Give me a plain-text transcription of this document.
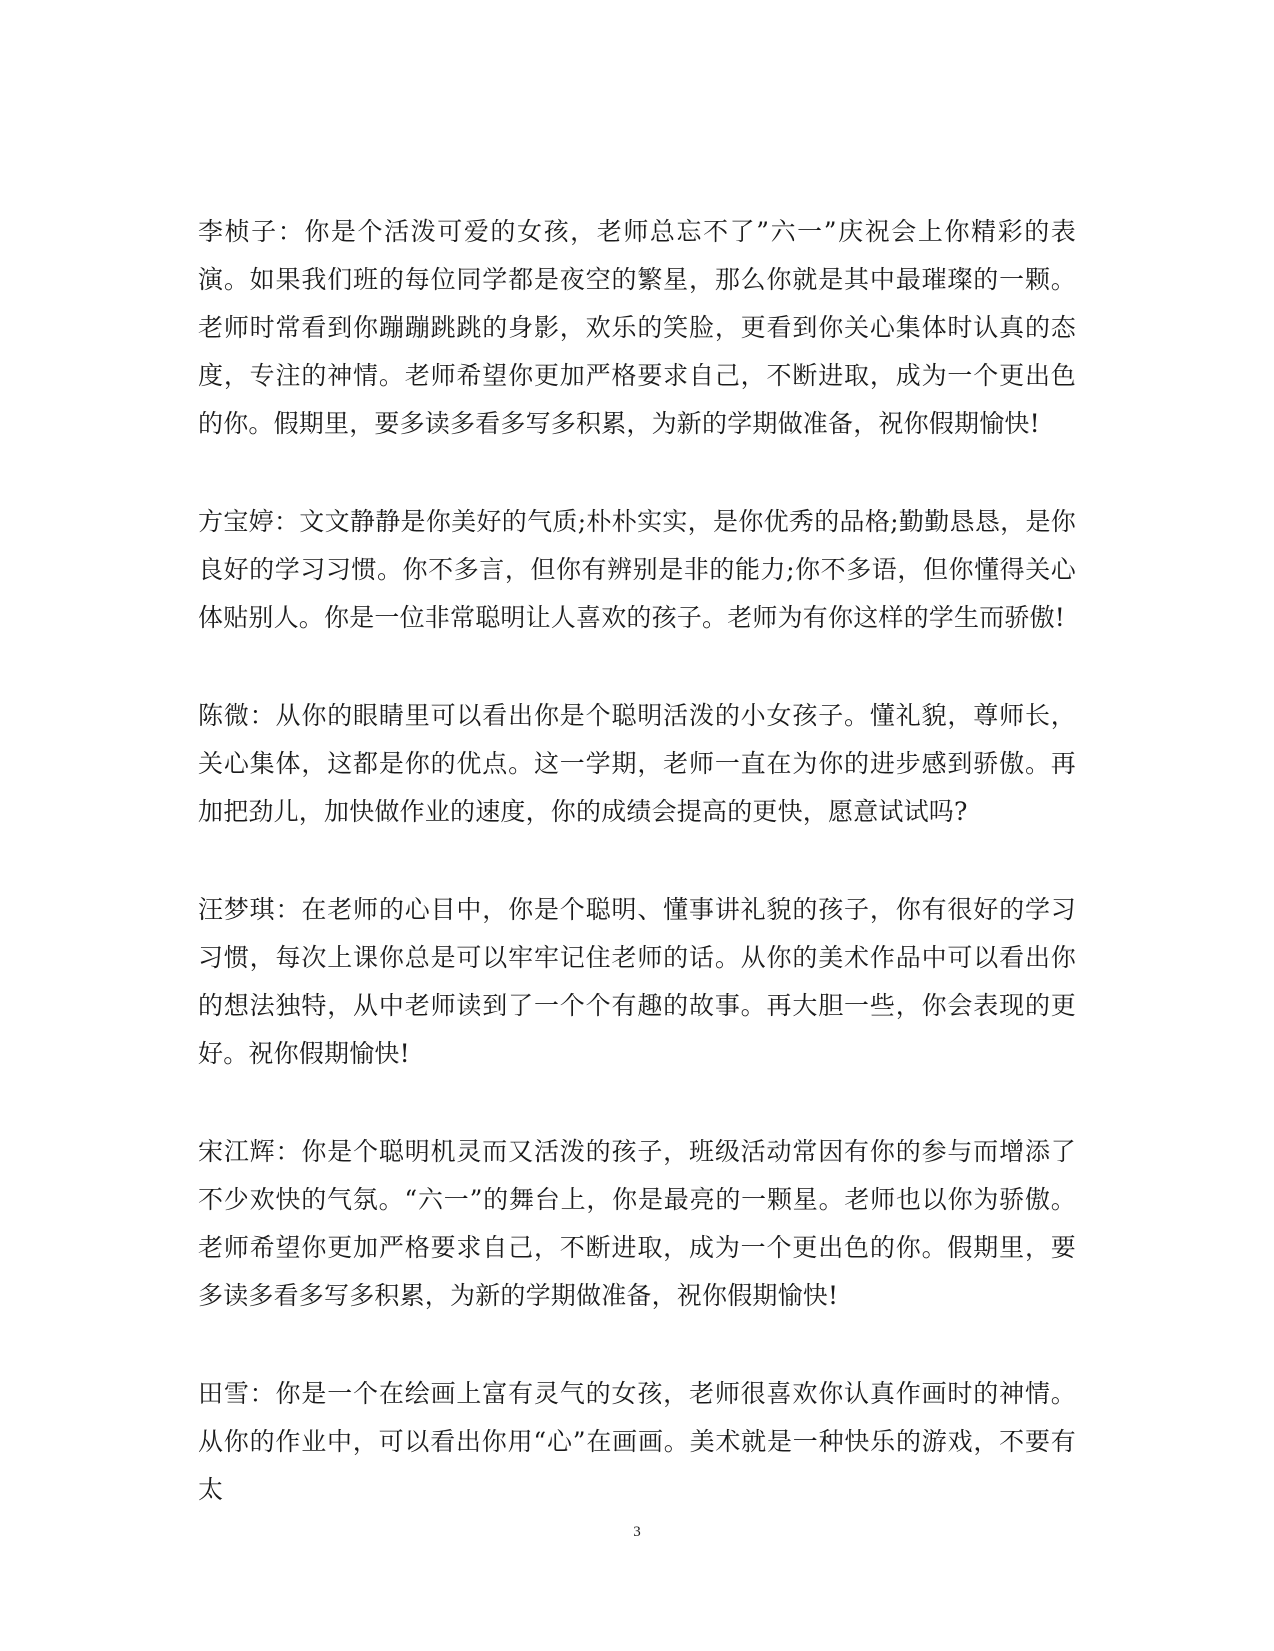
李桢子：你是个活泼可爱的女孩，老师总忘不了”六一”庆祝会上你精彩的表演。如果我们班的每位同学都是夜空的繁星，那么你就是其中最璀璨的一颗。老师时常看到你蹦蹦跳跳的身影，欢乐的笑脸，更看到你关心集体时认真的态度，专注的神情。老师希望你更加严格要求自己，不断进取，成为一个更出色的你。假期里，要多读多看多写多积累，为新的学期做准备，祝你假期愉快!

方宝婷：文文静静是你美好的气质;朴朴实实，是你优秀的品格;勤勤恳恳，是你良好的学习习惯。你不多言，但你有辨别是非的能力;你不多语，但你懂得关心体贴别人。你是一位非常聪明让人喜欢的孩子。老师为有你这样的学生而骄傲!

陈微：从你的眼睛里可以看出你是个聪明活泼的小女孩子。懂礼貌，尊师长，关心集体，这都是你的优点。这一学期，老师一直在为你的进步感到骄傲。再加把劲儿，加快做作业的速度，你的成绩会提高的更快，愿意试试吗?

汪梦琪：在老师的心目中，你是个聪明、懂事讲礼貌的孩子，你有很好的学习习惯，每次上课你总是可以牢牢记住老师的话。从你的美术作品中可以看出你的想法独特，从中老师读到了一个个有趣的故事。再大胆一些，你会表现的更好。祝你假期愉快!

宋江辉：你是个聪明机灵而又活泼的孩子，班级活动常因有你的参与而增添了不少欢快的气氛。“六一”的舞台上，你是最亮的一颗星。老师也以你为骄傲。老师希望你更加严格要求自己，不断进取，成为一个更出色的你。假期里，要多读多看多写多积累，为新的学期做准备，祝你假期愉快!

田雪：你是一个在绘画上富有灵气的女孩，老师很喜欢你认真作画时的神情。从你的作业中，可以看出你用“心”在画画。美术就是一种快乐的游戏，不要有太

3
